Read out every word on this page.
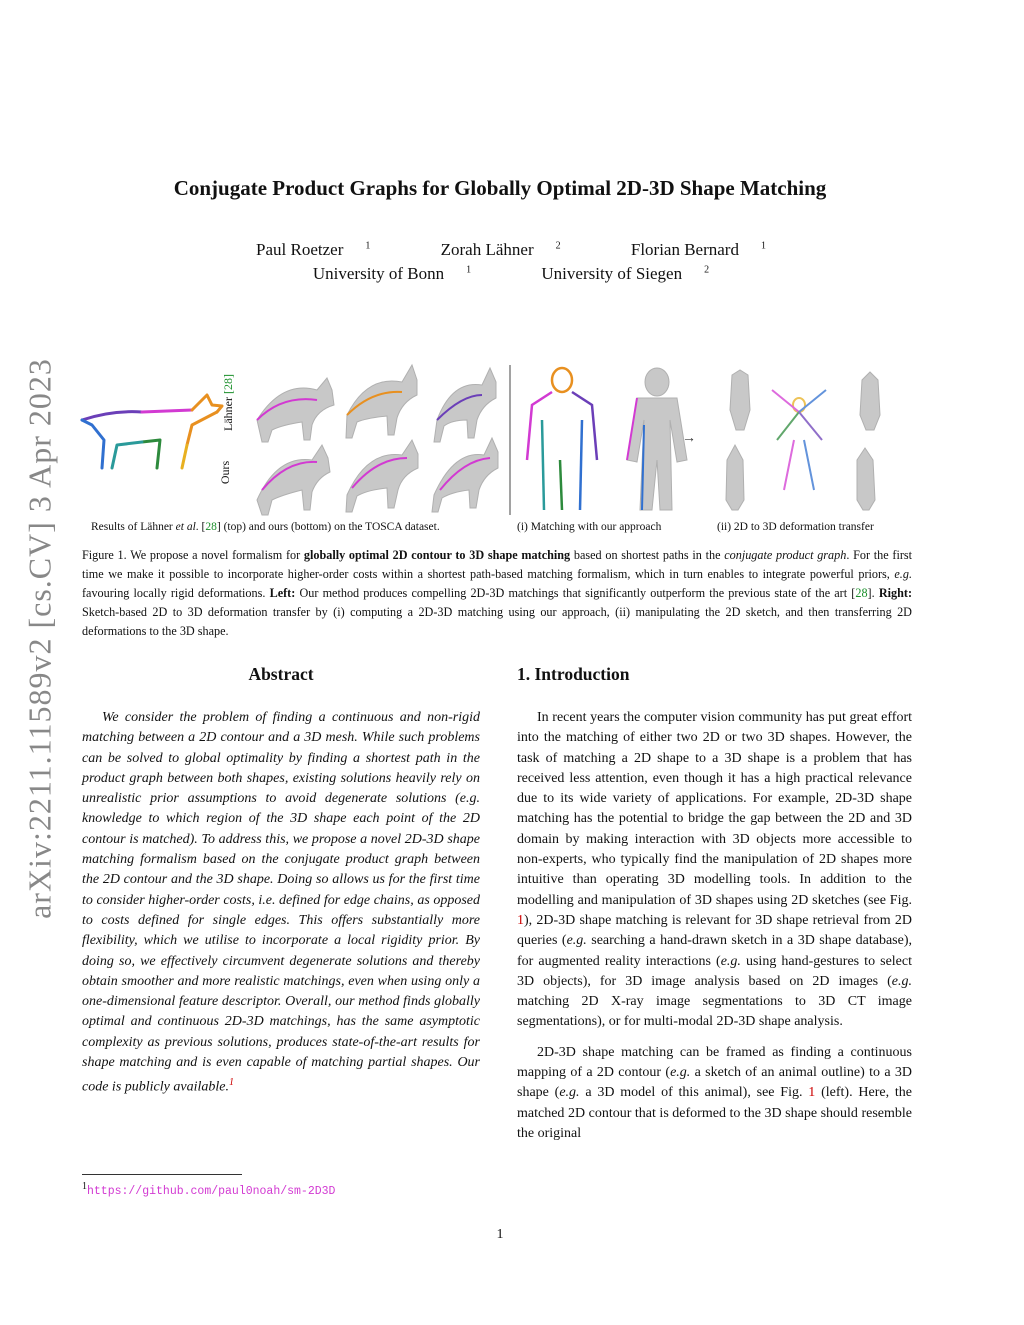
arXiv:2211.11589v2 [cs.CV] 3 Apr 2023
Conjugate Product Graphs for Globally Optimal 2D-3D Shape Matching
Paul Roetzer $^1$	Zorah Lähner $^2$	Florian Bernard $^1$
University of Bonn $^1$	University of Siegen $^2$
→
Lähner [28]
Ours
Results of Lähner et al. [28] (top) and ours (bottom) on the TOSCA dataset.	(i) Matching with our approach	(ii) 2D to 3D deformation transfer
Figure 1. We propose a novel formalism for globally optimal 2D contour to 3D shape matching based on shortest paths in the conjugate product graph. For the first time we make it possible to incorporate higher-order costs within a shortest path-based matching formalism, which in turn enables to integrate powerful priors, e.g. favouring locally rigid deformations. Left: Our method produces compelling 2D-3D matchings that significantly outperform the previous state of the art [28]. Right: Sketch-based 2D to 3D deformation transfer by (i) computing a 2D-3D matching using our approach, (ii) manipulating the 2D sketch, and then transferring 2D deformations to the 3D shape.
Abstract

We consider the problem of finding a continuous and non-rigid matching between a 2D contour and a 3D mesh. While such problems can be solved to global optimality by finding a shortest path in the product graph between both shapes, existing solutions heavily rely on unrealistic prior assumptions to avoid degenerate solutions (e.g. knowledge to which region of the 3D shape each point of the 2D contour is matched). To address this, we propose a novel 2D-3D shape matching formalism based on the conjugate product graph between the 2D contour and the 3D shape. Doing so allows us for the first time to consider higher-order costs, i.e. defined for edge chains, as opposed to costs defined for single edges. This offers substantially more flexibility, which we utilise to incorporate a local rigidity prior. By doing so, we effectively circumvent degenerate solutions and thereby obtain smoother and more realistic matchings, even when using only a one-dimensional feature descriptor. Overall, our method finds globally optimal and continuous 2D-3D matchings, has the same asymptotic complexity as previous solutions, produces state-of-the-art results for shape matching and is even capable of matching partial shapes. Our code is publicly available.$^1$

1. Introduction

In recent years the computer vision community has put great effort into the matching of either two 2D or two 3D shapes. However, the task of matching a 2D shape to a 3D shape is a problem that has received less attention, even though it has a high practical relevance due to its wide variety of applications. For example, 2D-3D shape matching has the potential to bridge the gap between the 2D and 3D domain by making interaction with 3D objects more accessible to non-experts, who typically find the manipulation of 2D shapes more intuitive than operating 3D modelling tools. In addition to the modelling and manipulation of 3D shapes using 2D sketches (see Fig. 1), 2D-3D shape matching is relevant for 3D shape retrieval from 2D queries (e.g. searching a hand-drawn sketch in a 3D shape database), for augmented reality interactions (e.g. using hand-gestures to select 3D objects), for 3D image analysis based on 2D images (e.g. matching 2D X-ray image segmentations to 3D CT image segmentations), or for multi-modal 2D-3D shape analysis.

2D-3D shape matching can be framed as finding a continuous mapping of a 2D contour (e.g. a sketch of an animal outline) to a 3D shape (e.g. a 3D model of this animal), see Fig. 1 (left). Here, the matched 2D contour that is deformed to the 3D shape should resemble the original

$^1$https://github.com/paul0noah/sm-2D3D
1
